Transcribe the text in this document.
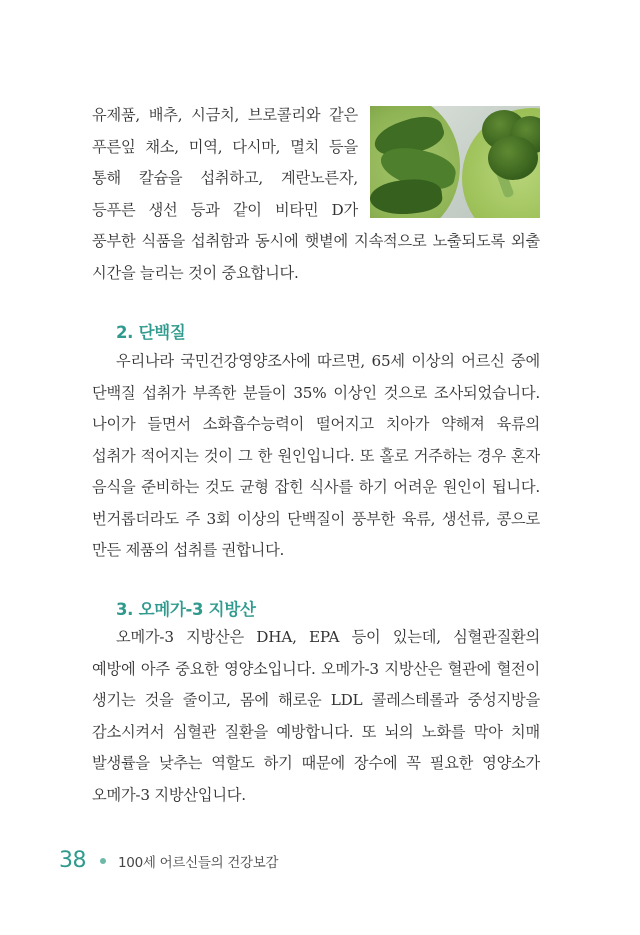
유제품, 배추, 시금치, 브로콜리와 같은 푸른잎 채소, 미역, 다시마, 멸치 등을 통해 칼슘을 섭취하고, 계란노른자, 등푸른 생선 등과 같이 비타민 D가 풍부한 식품을 섭취함과 동시에 햇볕에 지속적으로 노출되도록 외출 시간을 늘리는 것이 중요합니다.
2. 단백질

우리나라 국민건강영양조사에 따르면, 65세 이상의 어르신 중에 단백질 섭취가 부족한 분들이 35% 이상인 것으로 조사되었습니다. 나이가 들면서 소화흡수능력이 떨어지고 치아가 약해져 육류의 섭취가 적어지는 것이 그 한 원인입니다. 또 홀로 거주하는 경우 혼자 음식을 준비하는 것도 균형 잡힌 식사를 하기 어려운 원인이 됩니다. 번거롭더라도 주 3회 이상의 단백질이 풍부한 육류, 생선류, 콩으로 만든 제품의 섭취를 권합니다.

3. 오메가-3 지방산

오메가-3 지방산은 DHA, EPA 등이 있는데, 심혈관질환의 예방에 아주 중요한 영양소입니다. 오메가-3 지방산은 혈관에 혈전이 생기는 것을 줄이고, 몸에 해로운 LDL 콜레스테롤과 중성지방을 감소시켜서 심혈관 질환을 예방합니다. 또 뇌의 노화를 막아 치매 발생률을 낮추는 역할도 하기 때문에 장수에 꼭 필요한 영양소가 오메가-3 지방산입니다.

38 100세 어르신들의 건강보감
